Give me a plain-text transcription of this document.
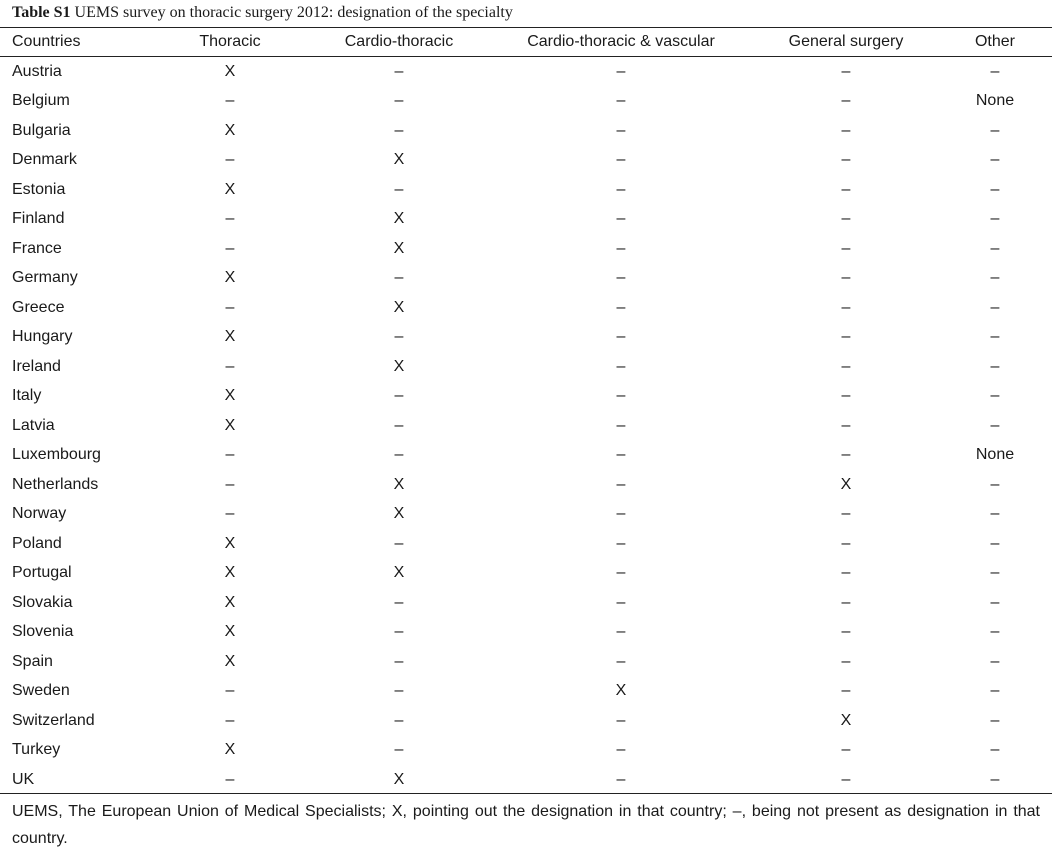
Table S1 UEMS survey on thoracic surgery 2012: designation of the specialty
Countries	Thoracic	Cardio-thoracic	Cardio-thoracic & vascular	General surgery	Other
Austria	X	–	–	–	–
Belgium	–	–	–	–	None
Bulgaria	X	–	–	–	–
Denmark	–	X	–	–	–
Estonia	X	–	–	–	–
Finland	–	X	–	–	–
France	–	X	–	–	–
Germany	X	–	–	–	–
Greece	–	X	–	–	–
Hungary	X	–	–	–	–
Ireland	–	X	–	–	–
Italy	X	–	–	–	–
Latvia	X	–	–	–	–
Luxembourg	–	–	–	–	None
Netherlands	–	X	–	X	–
Norway	–	X	–	–	–
Poland	X	–	–	–	–
Portugal	X	X	–	–	–
Slovakia	X	–	–	–	–
Slovenia	X	–	–	–	–
Spain	X	–	–	–	–
Sweden	–	–	X	–	–
Switzerland	–	–	–	X	–
Turkey	X	–	–	–	–
UK	–	X	–	–	–
UEMS, The European Union of Medical Specialists; X, pointing out the designation in that country; –, being not present as designation in that country.
